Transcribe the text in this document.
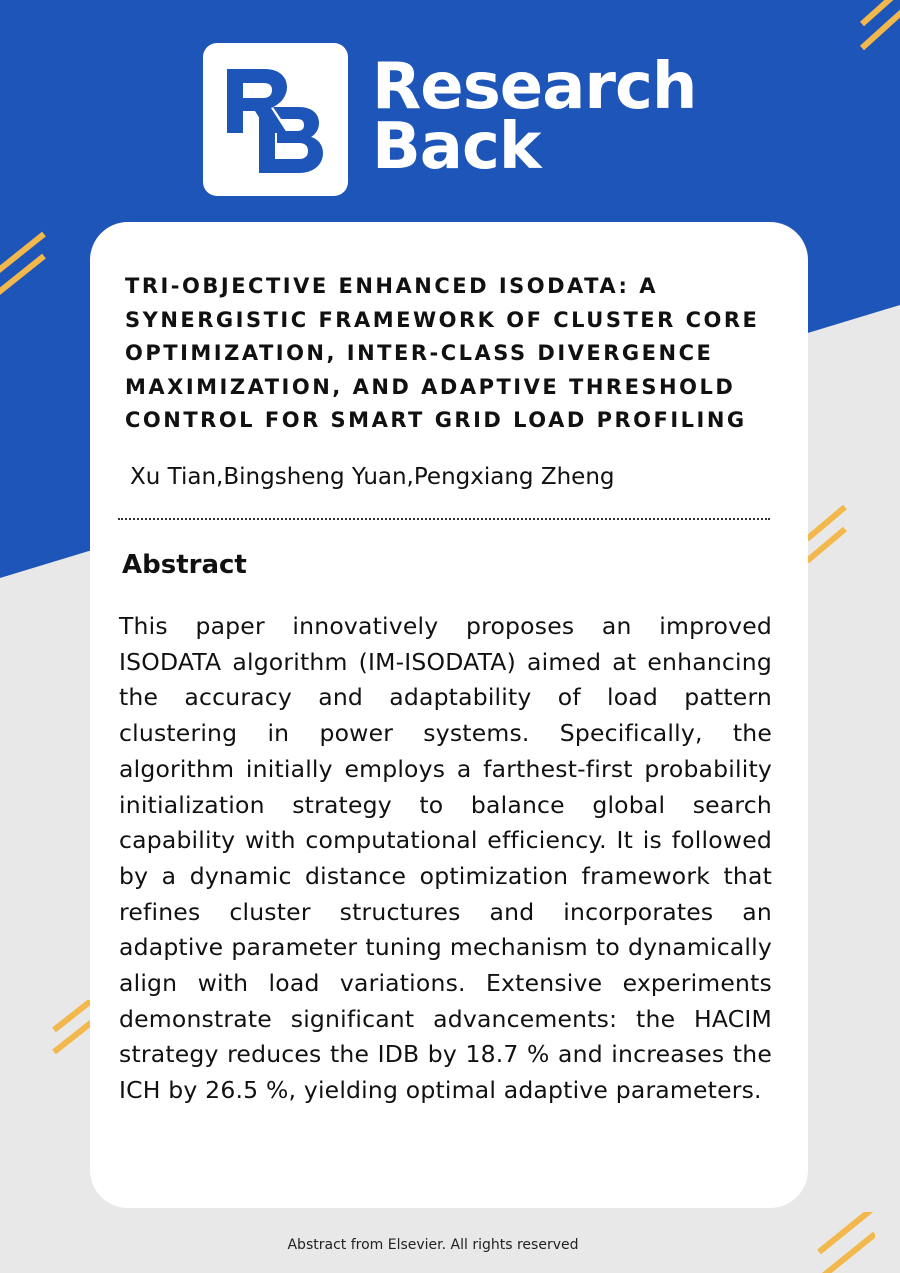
Research
Back
TRI-OBJECTIVE ENHANCED ISODATA: A SYNERGISTIC FRAMEWORK OF CLUSTER CORE OPTIMIZATION, INTER-CLASS DIVERGENCE MAXIMIZATION, AND ADAPTIVE THRESHOLD CONTROL FOR SMART GRID LOAD PROFILING
Xu Tian,Bingsheng Yuan,Pengxiang Zheng
Abstract

This paper innovatively proposes an improved ISODATA algorithm (IM-ISODATA) aimed at enhancing the accuracy and adaptability of load pattern clustering in power systems. Specifically, the algorithm initially employs a farthest-first probability initialization strategy to balance global search capability with computational efficiency. It is followed by a dynamic distance optimization framework that refines cluster structures and incorporates an adaptive parameter tuning mechanism to dynamically align with load variations. Extensive experiments demonstrate significant advancements: the HACIM strategy reduces the IDB by 18.7 % and increases the ICH by 26.5 %, yielding optimal adaptive parameters.

Abstract from Elsevier. All rights reserved
